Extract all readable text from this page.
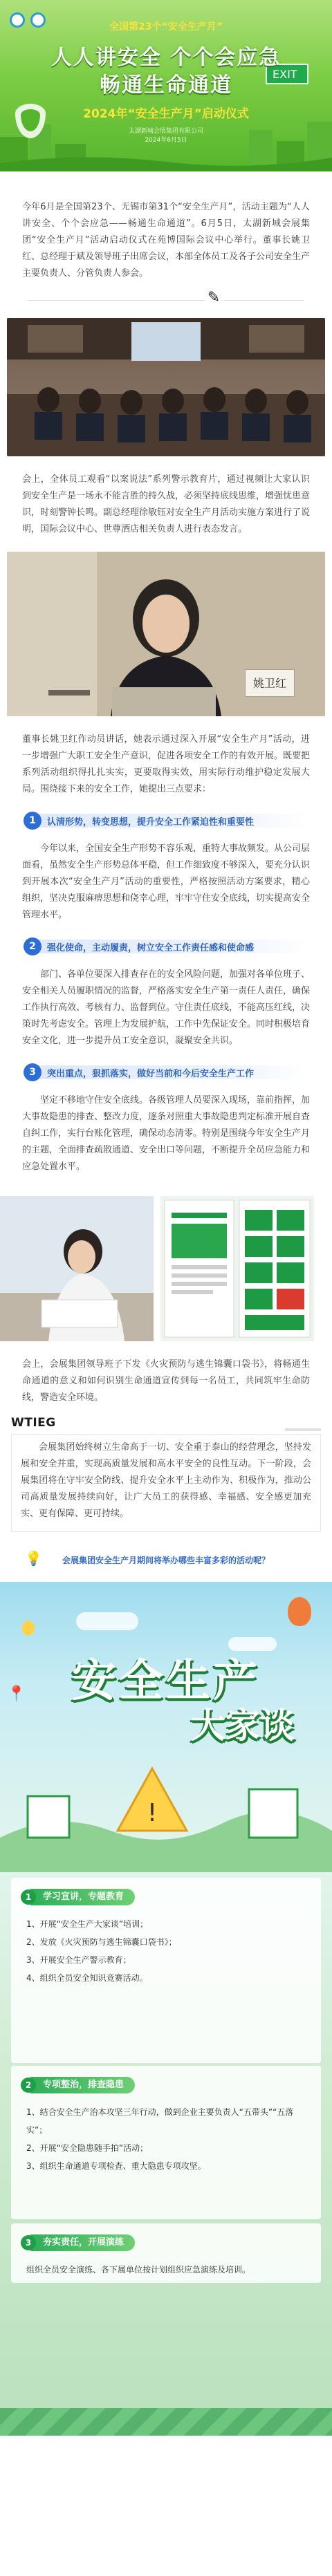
EXIT
全国第23个“安全生产月”
人人讲安全 个个会应急
畅通生命通道
2024年“安全生产月”启动仪式
太湖新城会展集团有限公司
2024年6月5日

今年6月是全国第23个、无锡市第31个“安全生产月”，活动主题为“人人讲安全、个个会应急——畅通生命通道”。6月5日，太湖新城会展集团“安全生产月”活动启动仪式在苑博国际会议中心举行。董事长姚卫红、总经理于斌及领导班子出席会议，本部全体员工及各子公司安全生产主要负责人、分管负责人参会。

✎

会上，全体员工观看“以案说法”系列警示教育片，通过视频让大家认识到安全生产是一场永不能言胜的持久战，必须坚持底线思维，增强忧患意识，时刻警钟长鸣。副总经理徐敏钰对安全生产月活动实施方案进行了说明，国际会议中心、世尊酒店相关负责人进行表态发言。

姚卫红

董事长姚卫红作动员讲话，她表示通过深入开展“安全生产月”活动，进一步增强广大职工安全生产意识，促进各项安全工作的有效开展。既要把系列活动组织得扎扎实实，更要取得实效，用实际行动维护稳定发展大局。围绕接下来的安全工作，她提出三点要求：

1	认清形势，转变思想，提升安全工作紧迫性和重要性

今年以来，全国安全生产形势不容乐观，重特大事故频发。从公司层面看，虽然安全生产形势总体平稳，但工作细致度不够深入，要充分认识到开展本次“安全生产月”活动的重要性，严格按照活动方案要求，精心组织，坚决克服麻痹思想和侥幸心理，牢牢守住安全底线，切实提高安全管理水平。

2	强化使命，主动履责，树立安全工作责任感和使命感

部门、各单位要深入排查存在的安全风险问题，加强对各单位班子、安全相关人员履职情况的监督，严格落实安全生产第一责任人责任，确保工作执行高效、考核有力、监督到位。守住责任底线，不能高压红线，决策时先考虑安全。管理上为发展护航，工作中先保证安全。同时积极培育安全文化，进一步提升员工安全意识，凝聚安全共识。

3	突出重点，狠抓落实，做好当前和今后安全生产工作

坚定不移地守住安全底线。各级管理人员要深入现场，靠前指挥，加大事故隐患的排查、整改力度，逐条对照重大事故隐患判定标准开展自查自纠工作，实行台账化管理，确保动态清零。特别是围绕今年安全生产月的主题，全面排查疏散通道、安全出口等问题，不断提升全员应急能力和应急处置水平。

会上，会展集团领导班子下发《火灾预防与逃生锦囊口袋书》，将畅通生命通道的意义和如何识别生命通道宣传到每一名员工，共同筑牢生命防线，警造安全环境。

WTIEG

会展集团始终树立生命高于一切、安全重于泰山的经营理念，坚持发展和安全并重，实现高质量发展和高水平安全的良性互动。下一阶段，会展集团将在守牢安全防线、提升安全水平上主动作为、积极作为，推动公司高质量发展持续向好，让广大员工的获得感、幸福感、安全感更加充实、更有保障、更可持续。

💡	会展集团安全生产月期间将举办哪些丰富多彩的活动呢？
📍	安全生产
大家谈
!
学习宣讲，专题教育
1
1、开展“安全生产大家谈”培训；
2、发放《火灾预防与逃生锦囊口袋书》；
3、开展安全生产警示教育；
4、组织全员安全知识竞赛活动。
专项整治，排查隐患
2
1、结合安全生产治本攻坚三年行动，做到企业主要负责人“五带头”“五落实”；
2、开展“安全隐患随手拍”活动；
3、组织生命通道专项检查、重大隐患专项攻坚。
夯实责任，开展演练
3
组织全员安全演练、各下属单位按计划组织应急演练及培训。
